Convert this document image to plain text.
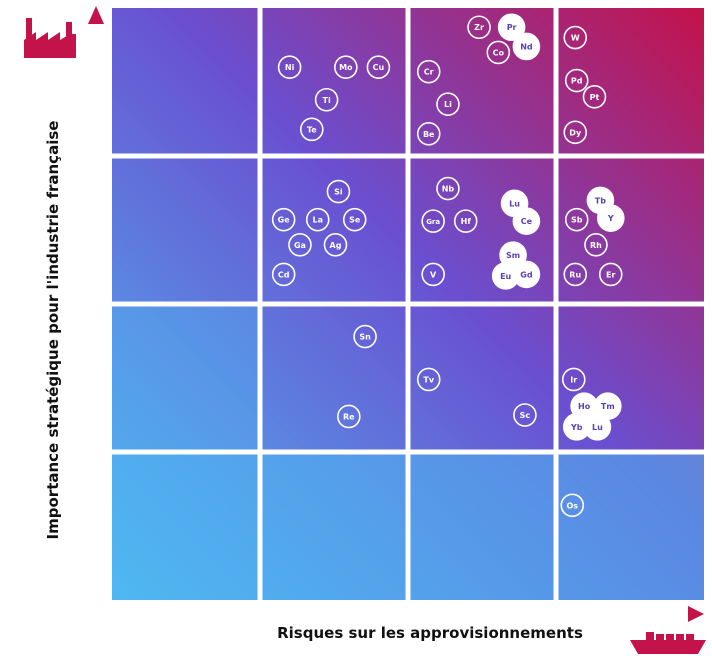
Ni	Mo	Cu
Ti
Te
Zr	Pr
Nd
Co
Cr
Li
Be
W
Pd
Pt
Dy
Si
Ge	La	Se
Ga	Ag
Cd
Nb
Gra	Hf
Lu
Ce
Sm
Eu Gd
V
Tb
Sb	Y
Rh
Ru	Er
Sn
Re
Tv
Sc
Ir
Ho Tm
Yb Lu
Os
Risques sur les approvisionnements
Importance stratégique pour l'industrie française
